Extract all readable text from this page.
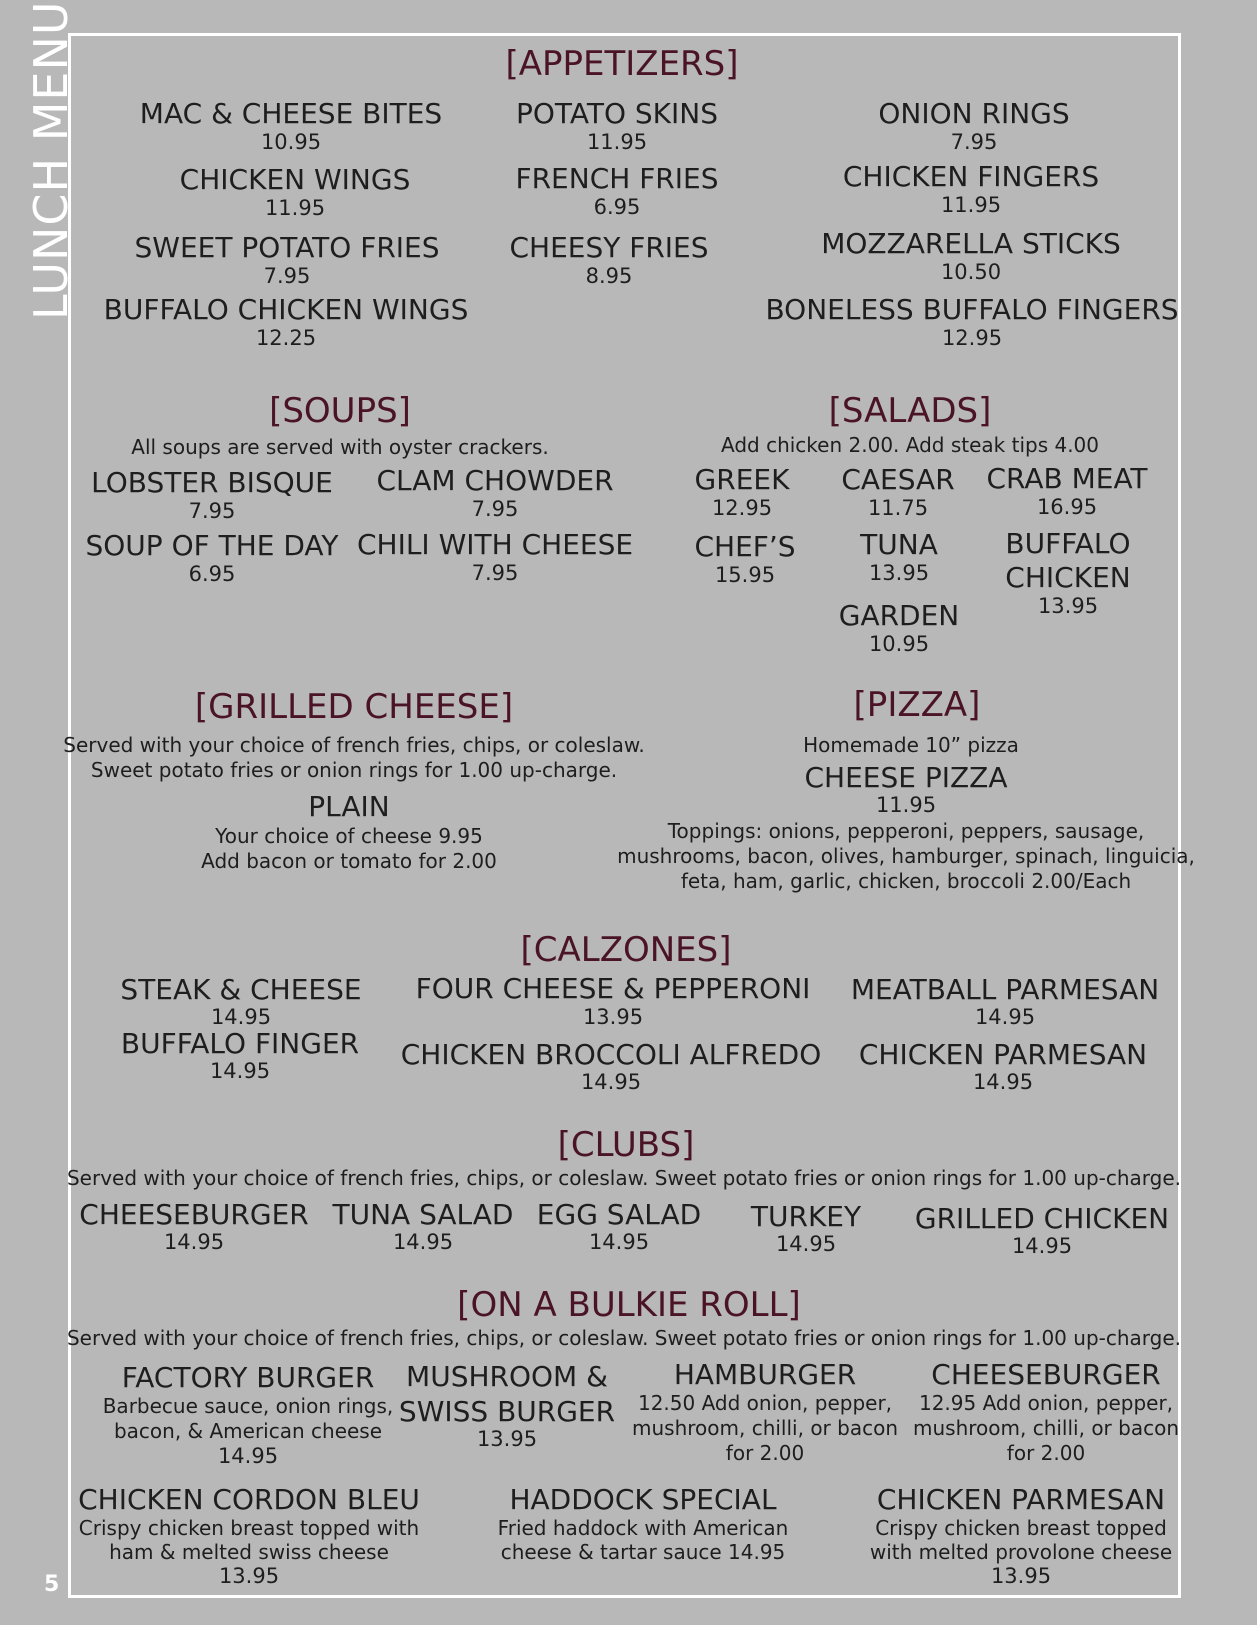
LUNCH MENU
5
[APPETIZERS]
MAC & CHEESE BITES
10.95
POTATO SKINS
11.95
ONION RINGS
7.95
CHICKEN WINGS
11.95
FRENCH FRIES
6.95
CHICKEN FINGERS
11.95
SWEET POTATO FRIES
7.95
CHEESY FRIES
8.95
MOZZARELLA STICKS
10.50
BUFFALO CHICKEN WINGS
12.25
BONELESS BUFFALO FINGERS
12.95
[SOUPS]
All soups are served with oyster crackers.
LOBSTER BISQUE
7.95
CLAM CHOWDER
7.95
SOUP OF THE DAY
6.95
CHILI WITH CHEESE
7.95
[SALADS]
Add chicken 2.00. Add steak tips 4.00
GREEK
12.95
CAESAR
11.75
CRAB MEAT
16.95
CHEF’S
15.95
TUNA
13.95
BUFFALO
CHICKEN
13.95
GARDEN
10.95
[GRILLED CHEESE]
Served with your choice of french fries, chips, or coleslaw.
Sweet potato fries or onion rings for 1.00 up-charge.
PLAIN
Your choice of cheese 9.95
Add bacon or tomato for 2.00
[PIZZA]
Homemade 10” pizza
CHEESE PIZZA
11.95
Toppings: onions, pepperoni, peppers, sausage,
mushrooms, bacon, olives, hamburger, spinach, linguicia,
feta, ham, garlic, chicken, broccoli 2.00/Each
[CALZONES]
STEAK & CHEESE
14.95
FOUR CHEESE & PEPPERONI
13.95
MEATBALL PARMESAN
14.95
BUFFALO FINGER
14.95	CHICKEN BROCCOLI ALFREDO
14.95
CHICKEN PARMESAN
14.95
[CLUBS]
Served with your choice of french fries, chips, or coleslaw. Sweet potato fries or onion rings for 1.00 up-charge.
CHEESEBURGER
14.95
TUNA SALAD
14.95
EGG SALAD
14.95
TURKEY
14.95
GRILLED CHICKEN
14.95
[ON A BULKIE ROLL]
Served with your choice of french fries, chips, or coleslaw. Sweet potato fries or onion rings for 1.00 up-charge.
FACTORY BURGER
Barbecue sauce, onion rings,
bacon, & American cheese
14.95
MUSHROOM &
SWISS BURGER
13.95
HAMBURGER
12.50 Add onion, pepper,
mushroom, chilli, or bacon
for 2.00
CHEESEBURGER
12.95 Add onion, pepper,
mushroom, chilli, or bacon
for 2.00
CHICKEN CORDON BLEU
Crispy chicken breast topped with
ham & melted swiss cheese
13.95
HADDOCK SPECIAL
Fried haddock with American
cheese & tartar sauce 14.95
CHICKEN PARMESAN
Crispy chicken breast topped
with melted provolone cheese
13.95
